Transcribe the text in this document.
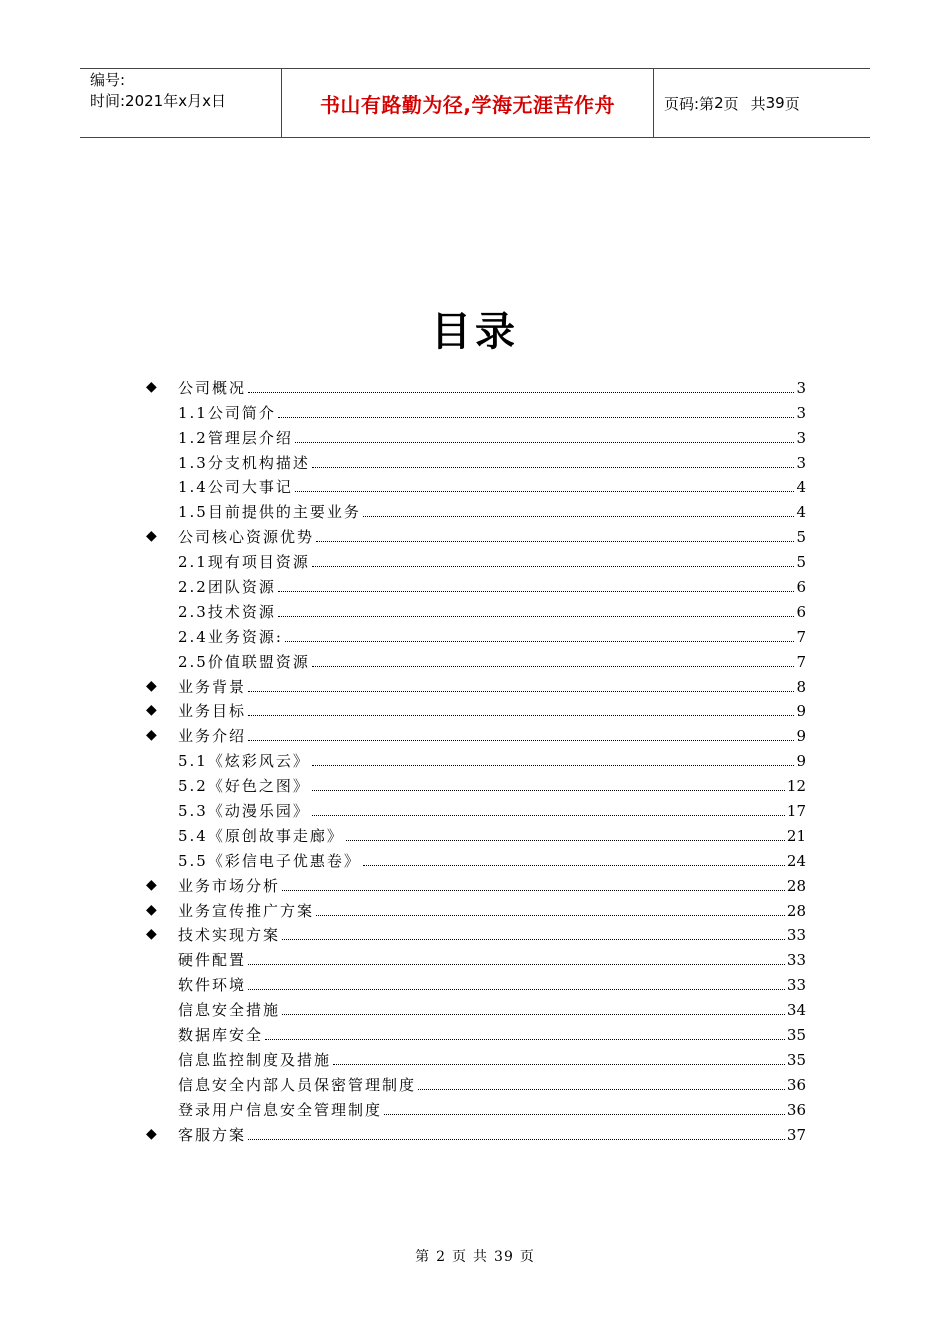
编号:
时间:2021年x月x日	书山有路勤为径,学海无涯苦作舟	页码:第 2 页 共 39 页
目录
◆	公司概况	3
1.1公司简介	3
1.2管理层介绍	3
1.3分支机构描述	3
1.4公司大事记	4
1.5目前提供的主要业务	4
◆	公司核心资源优势	5
2.1现有项目资源	5
2.2团队资源	6
2.3技术资源	6
2.4业务资源:	7
2.5价值联盟资源	7
◆	业务背景	8
◆	业务目标	9
◆	业务介绍	9
5.1《炫彩风云》	9
5.2《好色之图》	12
5.3《动漫乐园》	17
5.4《原创故事走廊》	21
5.5《彩信电子优惠卷》	24
◆	业务市场分析	28
◆	业务宣传推广方案	28
◆	技术实现方案	33
硬件配置	33
软件环境	33
信息安全措施	34
数据库安全	35
信息监控制度及措施	35
信息安全内部人员保密管理制度	36
登录用户信息安全管理制度	36
◆	客服方案	37
第 2 页 共 39 页
